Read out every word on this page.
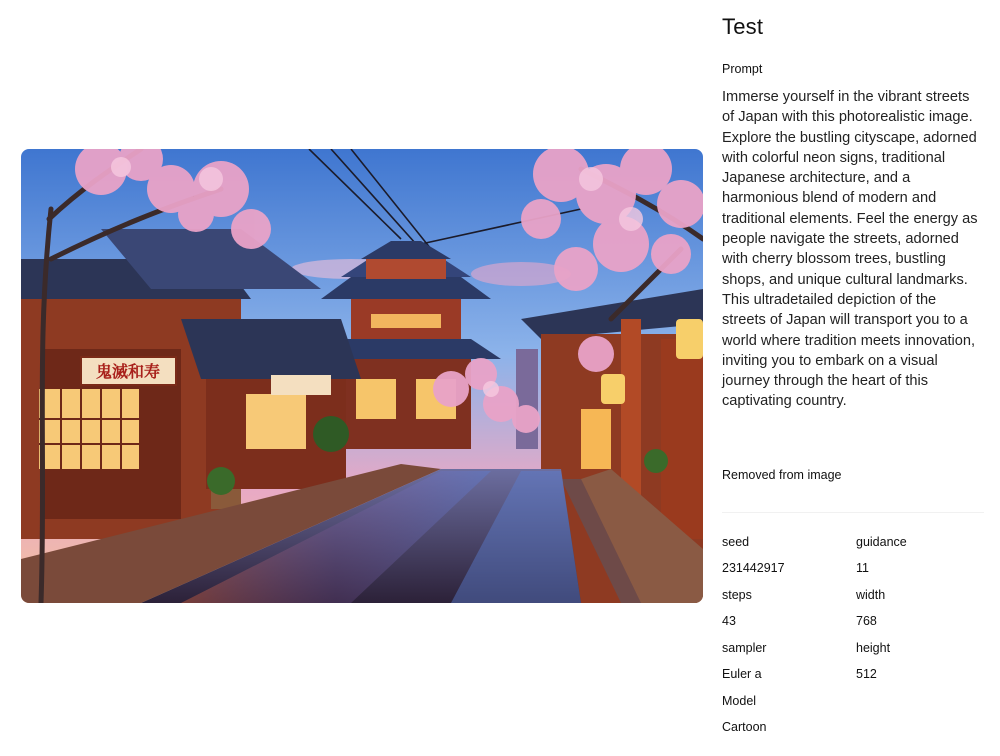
鬼滅和寿
Test
Prompt
Immerse yourself in the vibrant streets of Japan with this photorealistic image. Explore the bustling cityscape, adorned with colorful neon signs, traditional Japanese architecture, and a harmonious blend of modern and traditional elements. Feel the energy as people navigate the streets, adorned with cherry blossom trees, bustling shops, and unique cultural landmarks. This ultradetailed depiction of the streets of Japan will transport you to a world where tradition meets innovation, inviting you to embark on a visual journey through the heart of this captivating country.
Removed from image
seed	guidance
231442917	11
steps	width
43	768
sampler	height
Euler a	512
Model
Cartoon
